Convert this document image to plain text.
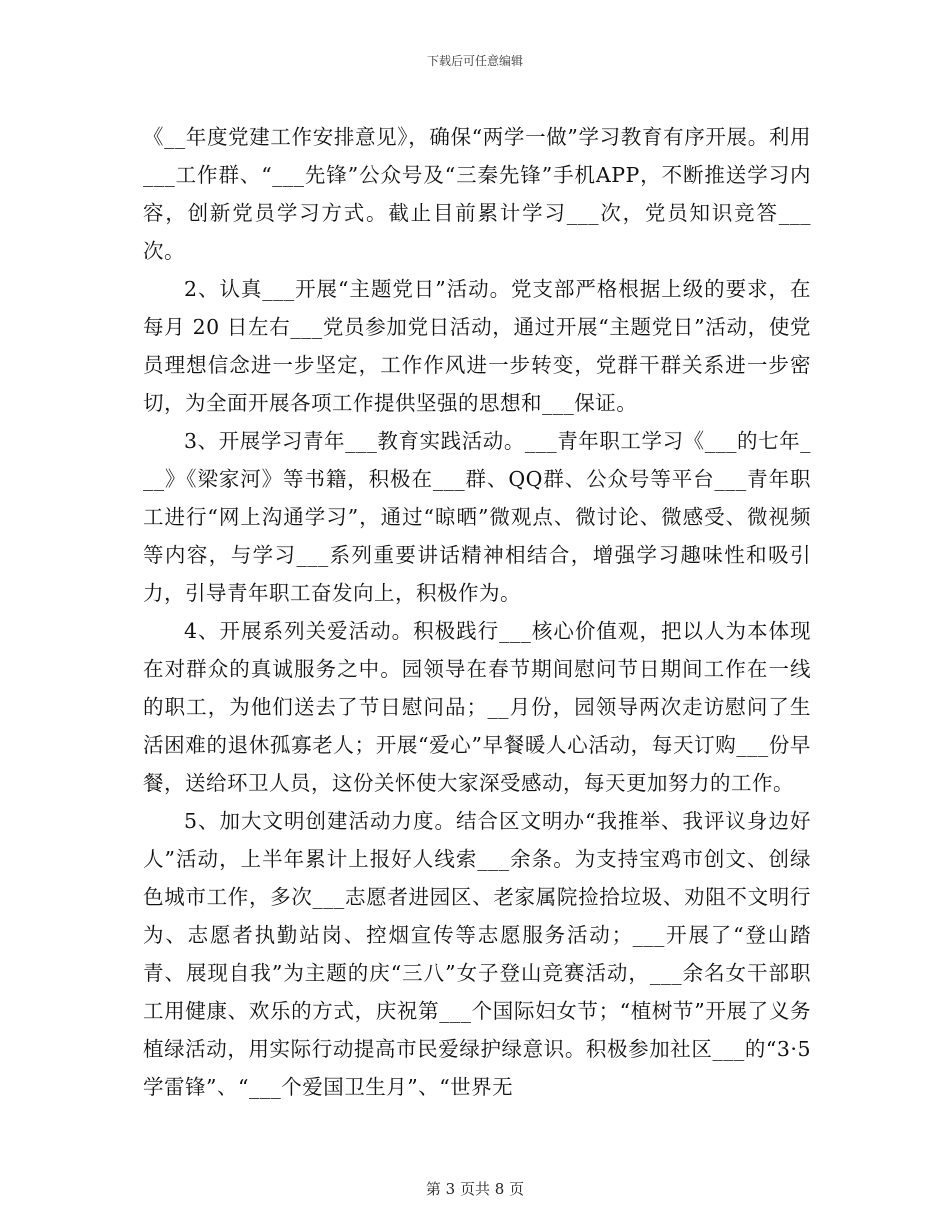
下载后可任意编辑

《__年度党建工作安排意见》，确保“两学一做”学习教育有序开展。利用___工作群、“___先锋”公众号及“三秦先锋”手机APP，不断推送学习内容，创新党员学习方式。截止目前累计学习___次，党员知识竞答___次。

2、认真___开展“主题党日”活动。党支部严格根据上级的要求，在每月 20 日左右___党员参加党日活动，通过开展“主题党日”活动，使党员理想信念进一步坚定，工作作风进一步转变，党群干群关系进一步密切，为全面开展各项工作提供坚强的思想和___保证。

3、开展学习青年___教育实践活动。___青年职工学习《___的七年___》《梁家河》等书籍，积极在___群、QQ群、公众号等平台___青年职工进行“网上沟通学习”，通过“晾晒”微观点、微讨论、微感受、微视频等内容，与学习___系列重要讲话精神相结合，增强学习趣味性和吸引力，引导青年职工奋发向上，积极作为。

4、开展系列关爱活动。积极践行___核心价值观，把以人为本体现在对群众的真诚服务之中。园领导在春节期间慰问节日期间工作在一线的职工，为他们送去了节日慰问品；__月份，园领导两次走访慰问了生活困难的退休孤寡老人；开展“爱心”早餐暖人心活动，每天订购___份早餐，送给环卫人员，这份关怀使大家深受感动，每天更加努力的工作。

5、加大文明创建活动力度。结合区文明办“我推举、我评议身边好人”活动，上半年累计上报好人线索___余条。为支持宝鸡市创文、创绿色城市工作，多次___志愿者进园区、老家属院捡拾垃圾、劝阻不文明行为、志愿者执勤站岗、控烟宣传等志愿服务活动；___开展了“登山踏青、展现自我”为主题的庆“三八”女子登山竞赛活动，___余名女干部职工用健康、欢乐的方式，庆祝第___个国际妇女节；“植树节”开展了义务植绿活动，用实际行动提高市民爱绿护绿意识。积极参加社区___的“3·5学雷锋”、“___个爱国卫生月”、“世界无

第 3 页共 8 页
